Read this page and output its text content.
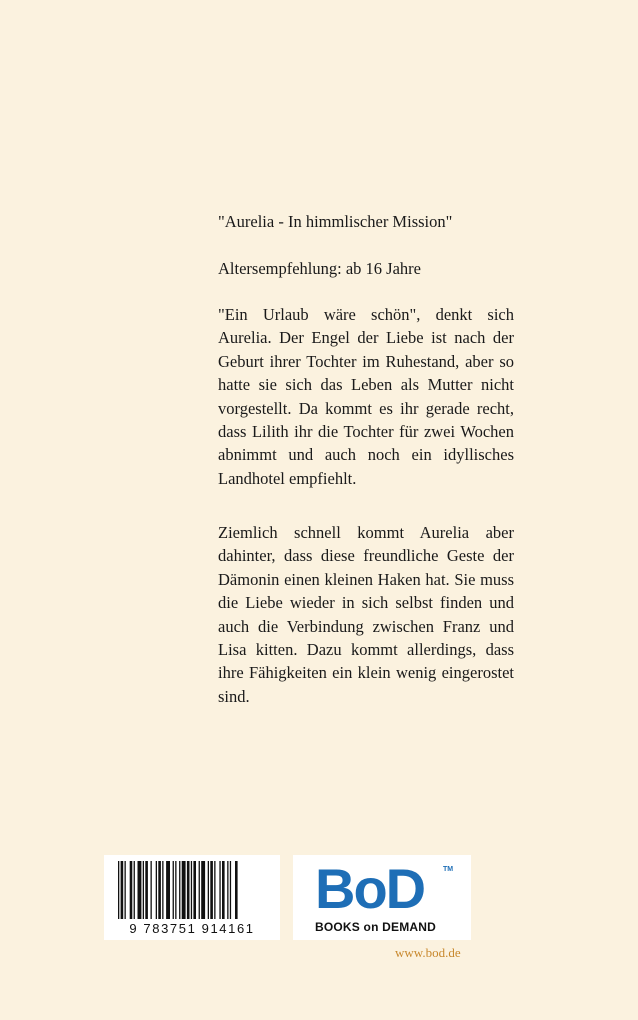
"Aurelia - In himmlischer Mission"
Altersempfehlung: ab 16 Jahre
"Ein Urlaub wäre schön", denkt sich Aurelia. Der Engel der Liebe ist nach der Geburt ihrer Tochter im Ruhestand, aber so hatte sie sich das Leben als Mutter nicht vorgestellt. Da kommt es ihr gerade recht, dass Lilith ihr die Tochter für zwei Wochen abnimmt und auch noch ein idyllisches Landhotel empfiehlt.
Ziemlich schnell kommt Aurelia aber dahinter, dass diese freundliche Geste der Dämonin einen kleinen Haken hat. Sie muss die Liebe wieder in sich selbst finden und auch die Verbindung zwischen Franz und Lisa kitten. Dazu kommt allerdings, dass ihre Fähigkeiten ein klein wenig eingerostet sind.
9 783751 914161
BoD	TM
BOOKS on DEMAND
www.bod.de
